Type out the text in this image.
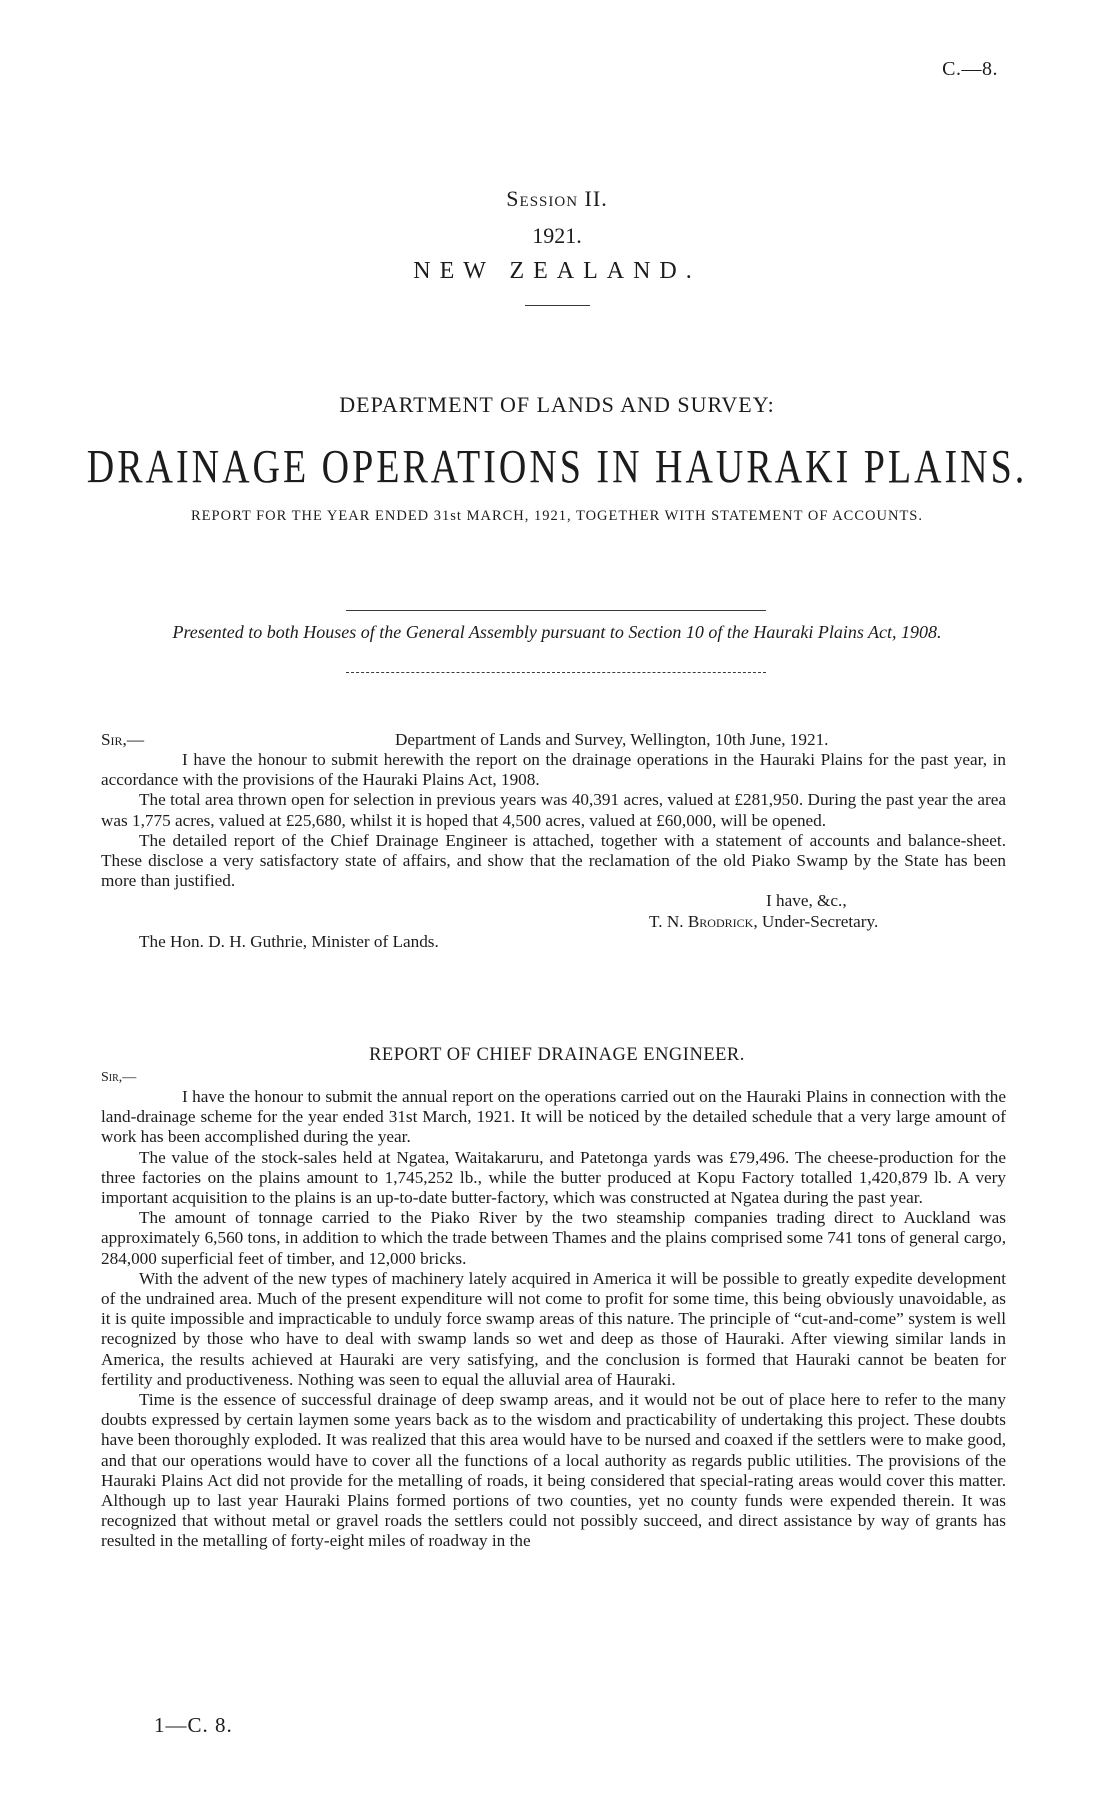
C.—8.
Session II.
1921.
NEW ZEALAND.
DEPARTMENT OF LANDS AND SURVEY:
DRAINAGE OPERATIONS IN HAURAKI PLAINS.
REPORT FOR THE YEAR ENDED 31st MARCH, 1921, TOGETHER WITH STATEMENT OF ACCOUNTS.
Presented to both Houses of the General Assembly pursuant to Section 10 of the Hauraki Plains Act, 1908.
Sir,—	Department of Lands and Survey, Wellington, 10th June, 1921.

I have the honour to submit herewith the report on the drainage operations in the Hauraki Plains for the past year, in accordance with the provisions of the Hauraki Plains Act, 1908.

The total area thrown open for selection in previous years was 40,391 acres, valued at £281,950. During the past year the area was 1,775 acres, valued at £25,680, whilst it is hoped that 4,500 acres, valued at £60,000, will be opened.

The detailed report of the Chief Drainage Engineer is attached, together with a statement of accounts and balance-sheet. These disclose a very satisfactory state of affairs, and show that the reclamation of the old Piako Swamp by the State has been more than justified.

I have, &c.,
T. N. Brodrick, Under-Secretary.
The Hon. D. H. Guthrie, Minister of Lands.
REPORT OF CHIEF DRAINAGE ENGINEER.
Sir,—

I have the honour to submit the annual report on the operations carried out on the Hauraki Plains in connection with the land-drainage scheme for the year ended 31st March, 1921. It will be noticed by the detailed schedule that a very large amount of work has been accomplished during the year.

The value of the stock-sales held at Ngatea, Waitakaruru, and Patetonga yards was £79,496. The cheese-production for the three factories on the plains amount to 1,745,252 lb., while the butter produced at Kopu Factory totalled 1,420,879 lb. A very important acquisition to the plains is an up-to-date butter-factory, which was constructed at Ngatea during the past year.

The amount of tonnage carried to the Piako River by the two steamship companies trading direct to Auckland was approximately 6,560 tons, in addition to which the trade between Thames and the plains comprised some 741 tons of general cargo, 284,000 superficial feet of timber, and 12,000 bricks.

With the advent of the new types of machinery lately acquired in America it will be possible to greatly expedite development of the undrained area. Much of the present expenditure will not come to profit for some time, this being obviously unavoidable, as it is quite impossible and impracticable to unduly force swamp areas of this nature. The principle of “cut-and-come” system is well recognized by those who have to deal with swamp lands so wet and deep as those of Hauraki. After viewing similar lands in America, the results achieved at Hauraki are very satisfying, and the conclusion is formed that Hauraki cannot be beaten for fertility and productiveness. Nothing was seen to equal the alluvial area of Hauraki.

Time is the essence of successful drainage of deep swamp areas, and it would not be out of place here to refer to the many doubts expressed by certain laymen some years back as to the wisdom and practicability of undertaking this project. These doubts have been thoroughly exploded. It was realized that this area would have to be nursed and coaxed if the settlers were to make good, and that our operations would have to cover all the functions of a local authority as regards public utilities. The provisions of the Hauraki Plains Act did not provide for the metalling of roads, it being considered that special-rating areas would cover this matter. Although up to last year Hauraki Plains formed portions of two counties, yet no county funds were expended therein. It was recognized that without metal or gravel roads the settlers could not possibly succeed, and direct assistance by way of grants has resulted in the metalling of forty-eight miles of roadway in the

1—C. 8.
